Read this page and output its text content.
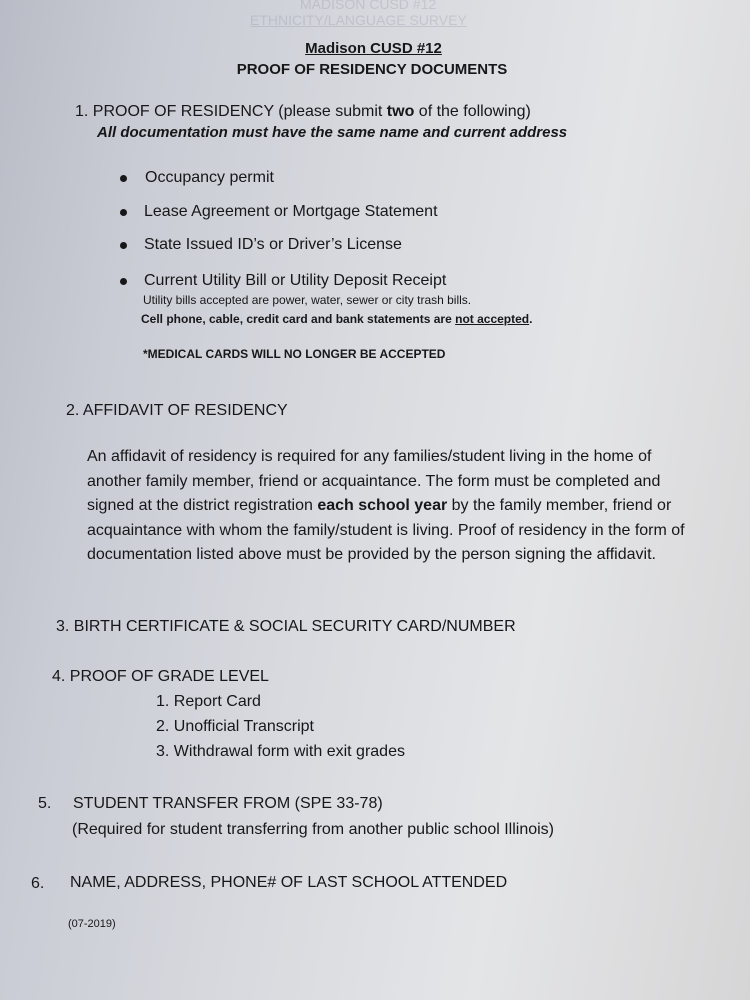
MADISON CUSD #12
ETHNICITY/LANGUAGE SURVEY
Madison CUSD #12
PROOF OF RESIDENCY DOCUMENTS
1. PROOF OF RESIDENCY (please submit two of the following)
All documentation must have the same name and current address
Occupancy permit
Lease Agreement or Mortgage Statement
State Issued ID’s or Driver’s License
Current Utility Bill or Utility Deposit Receipt
Utility bills accepted are power, water, sewer or city trash bills.
Cell phone, cable, credit card and bank statements are not accepted.
*MEDICAL CARDS WILL NO LONGER BE ACCEPTED
2. AFFIDAVIT OF RESIDENCY
An affidavit of residency is required for any families/student living in the home of another family member, friend or acquaintance. The form must be completed and signed at the district registration each school year by the family member, friend or acquaintance with whom the family/student is living. Proof of residency in the form of documentation listed above must be provided by the person signing the affidavit.
3. BIRTH CERTIFICATE & SOCIAL SECURITY CARD/NUMBER
4. PROOF OF GRADE LEVEL
1. Report Card
2. Unofficial Transcript
3. Withdrawal form with exit grades
5. STUDENT TRANSFER FROM (SPE 33-78)
(Required for student transferring from another public school Illinois)
6. NAME, ADDRESS, PHONE# OF LAST SCHOOL ATTENDED
(07-2019)
